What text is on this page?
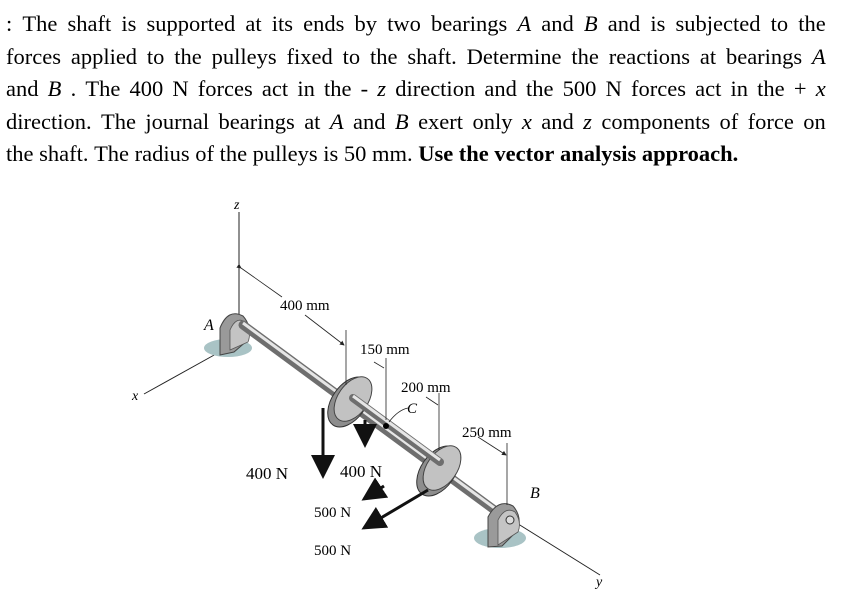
: The shaft is supported at its ends by two bearings A and B and is subjected to the
forces applied to the pulleys fixed to the shaft. Determine the reactions at bearings A
and B . The 400 N forces act in the - z direction and the 500 N forces act in the + x
direction. The journal bearings at A and B exert only x and z components of force on
the shaft. The radius of the pulleys is 50 mm. Use the vector analysis approach.
z
x
y
A
B
C
400 mm
150 mm
200 mm
250 mm
400 N	400 N
500 N
500 N
